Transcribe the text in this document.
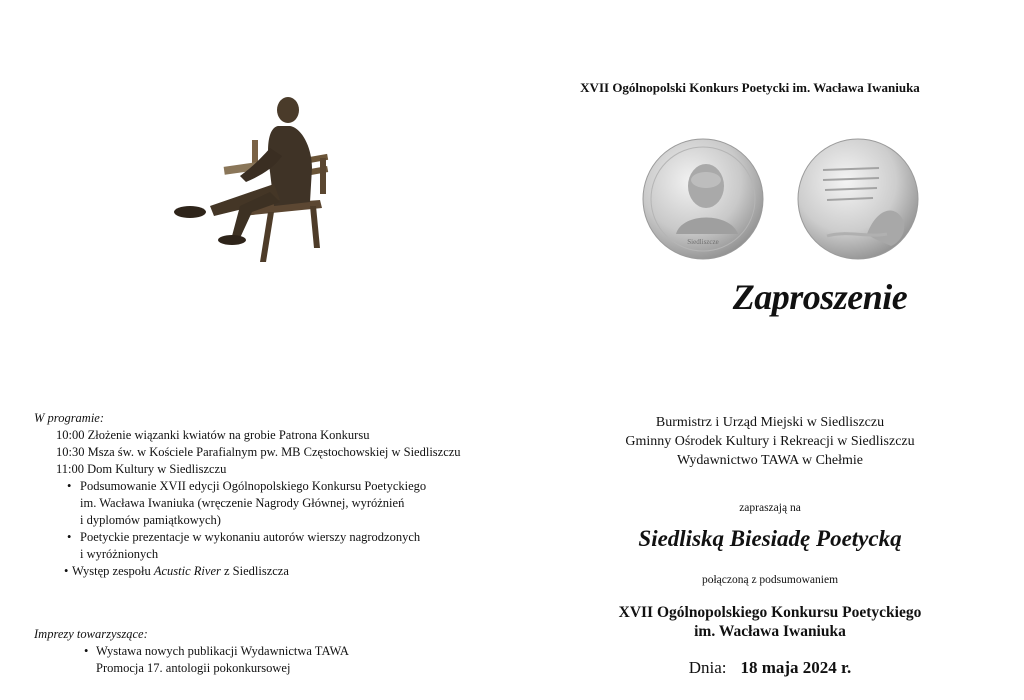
W programie:
10:00 Złożenie wiązanki kwiatów na grobie Patrona Konkursu
10:30 Msza św. w Kościele Parafialnym pw. MB Częstochowskiej w Siedliszczu
11:00 Dom Kultury w Siedliszczu
• Podsumowanie XVII edycji Ogólnopolskiego Konkursu Poetyckiego
im. Wacława Iwaniuka (wręczenie Nagrody Głównej, wyróżnień
i dyplomów pamiątkowych)
• Poetyckie prezentacje w wykonaniu autorów wierszy nagrodzonych
i wyróżnionych
• Występ zespołu Acustic River z Siedliszcza
Imprezy towarzyszące:
• Wystawa nowych publikacji Wydawnictwa TAWA
Promocja 17. antologii pokonkursowej
XVII Ogólnopolski Konkurs Poetycki im. Wacława Iwaniuka
Siedliszcze
Zaproszenie
Burmistrz i Urząd Miejski w Siedliszczu
Gminny Ośrodek Kultury i Rekreacji w Siedliszczu
Wydawnictwo TAWA w Chełmie
zapraszają na
Siedliską Biesiadę Poetycką
połączoną z podsumowaniem
XVII Ogólnopolskiego Konkursu Poetyckiego
im. Wacława Iwaniuka
Dnia: 18 maja 2024 r.
